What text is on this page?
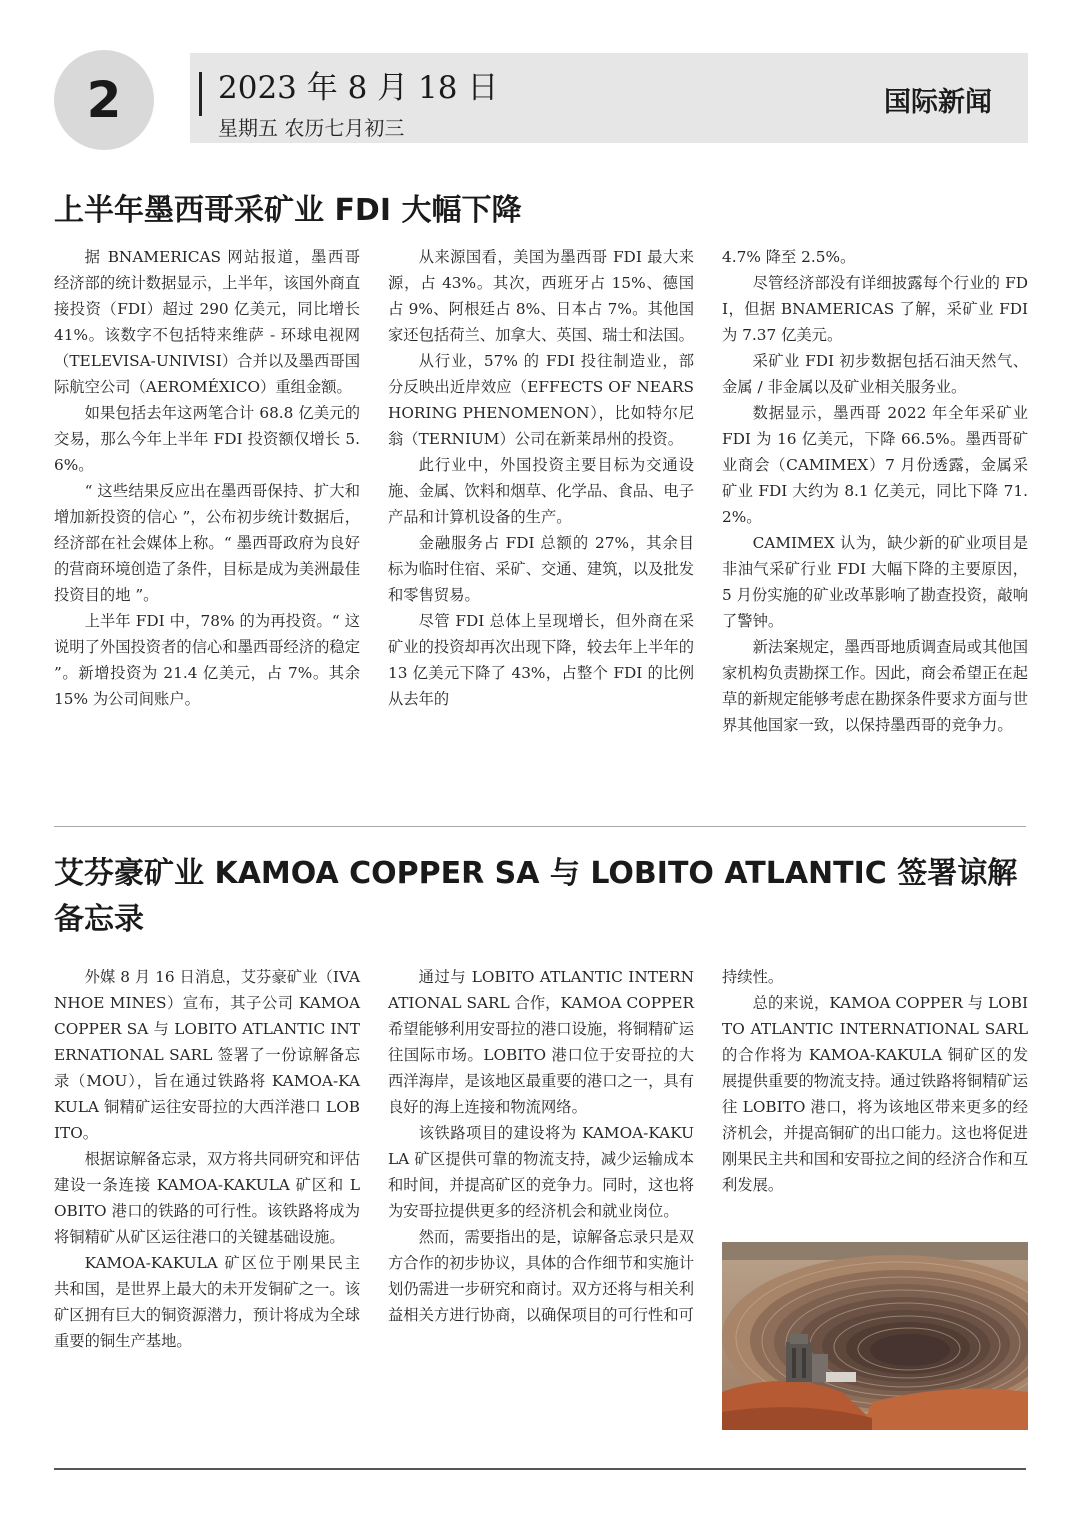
2	2023 年 8 月 18 日
星期五 农历七月初三
国际新闻
上半年墨西哥采矿业 FDI 大幅下降

据 BNAMERICAS 网站报道，墨西哥经济部的统计数据显示，上半年，该国外商直接投资（FDI）超过 290 亿美元，同比增长 41%。该数字不包括特来维萨 - 环球电视网（TELEVISA-UNIVISI）合并以及墨西哥国际航空公司（AEROMÉXICO）重组金额。

如果包括去年这两笔合计 68.8 亿美元的交易，那么今年上半年 FDI 投资额仅增长 5.6%。

“ 这些结果反应出在墨西哥保持、扩大和增加新投资的信心 ”，公布初步统计数据后，经济部在社会媒体上称。“ 墨西哥政府为良好的营商环境创造了条件，目标是成为美洲最佳投资目的地 ”。

上半年 FDI 中，78% 的为再投资。“ 这说明了外国投资者的信心和墨西哥经济的稳定 ”。新增投资为 21.4 亿美元，占 7%。其余 15% 为公司间账户。

从来源国看，美国为墨西哥 FDI 最大来源，占 43%。其次，西班牙占 15%、德国占 9%、阿根廷占 8%、日本占 7%。其他国家还包括荷兰、加拿大、英国、瑞士和法国。

从行业，57% 的 FDI 投往制造业，部分反映出近岸效应（EFFECTS OF NEARSHORING PHENOMENON），比如特尔尼翁（TERNIUM）公司在新莱昂州的投资。

此行业中，外国投资主要目标为交通设施、金属、饮料和烟草、化学品、食品、电子产品和计算机设备的生产。

金融服务占 FDI 总额的 27%，其余目标为临时住宿、采矿、交通、建筑，以及批发和零售贸易。

尽管 FDI 总体上呈现增长，但外商在采矿业的投资却再次出现下降，较去年上半年的 13 亿美元下降了 43%，占整个 FDI 的比例从去年的

4.7% 降至 2.5%。

尽管经济部没有详细披露每个行业的 FDI，但据 BNAMERICAS 了解，采矿业 FDI 为 7.37 亿美元。

采矿业 FDI 初步数据包括石油天然气、金属 / 非金属以及矿业相关服务业。

数据显示，墨西哥 2022 年全年采矿业 FDI 为 16 亿美元，下降 66.5%。墨西哥矿业商会（CAMIMEX）7 月份透露，金属采矿业 FDI 大约为 8.1 亿美元，同比下降 71.2%。

CAMIMEX 认为，缺少新的矿业项目是非油气采矿行业 FDI 大幅下降的主要原因，5 月份实施的矿业改革影响了勘查投资，敲响了警钟。

新法案规定，墨西哥地质调查局或其他国家机构负责勘探工作。因此，商会希望正在起草的新规定能够考虑在勘探条件要求方面与世界其他国家一致，以保持墨西哥的竞争力。

艾芬豪矿业 KAMOA COPPER SA 与 LOBITO ATLANTIC 签署谅解备忘录

外媒 8 月 16 日消息，艾芬豪矿业（IVANHOE MINES）宣布，其子公司 KAMOA COPPER SA 与 LOBITO ATLANTIC INTERNATIONAL SARL 签署了一份谅解备忘录（MOU），旨在通过铁路将 KAMOA-KAKULA 铜精矿运往安哥拉的大西洋港口 LOBITO。

根据谅解备忘录，双方将共同研究和评估建设一条连接 KAMOA-KAKULA 矿区和 LOBITO 港口的铁路的可行性。该铁路将成为将铜精矿从矿区运往港口的关键基础设施。

KAMOA-KAKULA 矿区位于刚果民主共和国，是世界上最大的未开发铜矿之一。该矿区拥有巨大的铜资源潜力，预计将成为全球重要的铜生产基地。

通过与 LOBITO ATLANTIC INTERNATIONAL SARL 合作，KAMOA COPPER 希望能够利用安哥拉的港口设施，将铜精矿运往国际市场。LOBITO 港口位于安哥拉的大西洋海岸，是该地区最重要的港口之一，具有良好的海上连接和物流网络。

该铁路项目的建设将为 KAMOA-KAKULA 矿区提供可靠的物流支持，减少运输成本和时间，并提高矿区的竞争力。同时，这也将为安哥拉提供更多的经济机会和就业岗位。

然而，需要指出的是，谅解备忘录只是双方合作的初步协议，具体的合作细节和实施计划仍需进一步研究和商讨。双方还将与相关利益相关方进行协商，以确保项目的可行性和可

持续性。

总的来说，KAMOA COPPER 与 LOBITO ATLANTIC INTERNATIONAL SARL 的合作将为 KAMOA-KAKULA 铜矿区的发展提供重要的物流支持。通过铁路将铜精矿运往 LOBITO 港口，将为该地区带来更多的经济机会，并提高铜矿的出口能力。这也将促进刚果民主共和国和安哥拉之间的经济合作和互利发展。
